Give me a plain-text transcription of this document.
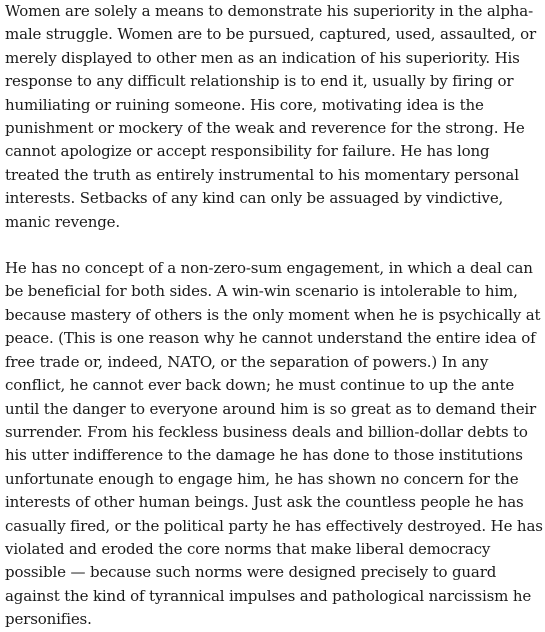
Women are solely a means to demonstrate his superiority in the alpha-male struggle. Women are to be pursued, captured, used, assaulted, or merely displayed to other men as an indication of his superiority. His response to any difficult relationship is to end it, usually by firing or humiliating or ruining someone. His core, motivating idea is the punishment or mockery of the weak and reverence for the strong. He cannot apologize or accept responsibility for failure. He has long treated the truth as entirely instrumental to his momentary personal interests. Setbacks of any kind can only be assuaged by vindictive, manic revenge.

He has no concept of a non-zero-sum engagement, in which a deal can be beneficial for both sides. A win-win scenario is intolerable to him, because mastery of others is the only moment when he is psychically at peace. (This is one reason why he cannot understand the entire idea of free trade or, indeed, NATO, or the separation of powers.) In any conflict, he cannot ever back down; he must continue to up the ante until the danger to everyone around him is so great as to demand their surrender. From his feckless business deals and billion-dollar debts to his utter indifference to the damage he has done to those institutions unfortunate enough to engage him, he has shown no concern for the interests of other human beings. Just ask the countless people he has casually fired, or the political party he has effectively destroyed. He has violated and eroded the core norms that make liberal democracy possible — because such norms were designed precisely to guard against the kind of tyrannical impulses and pathological narcissism he personifies.
